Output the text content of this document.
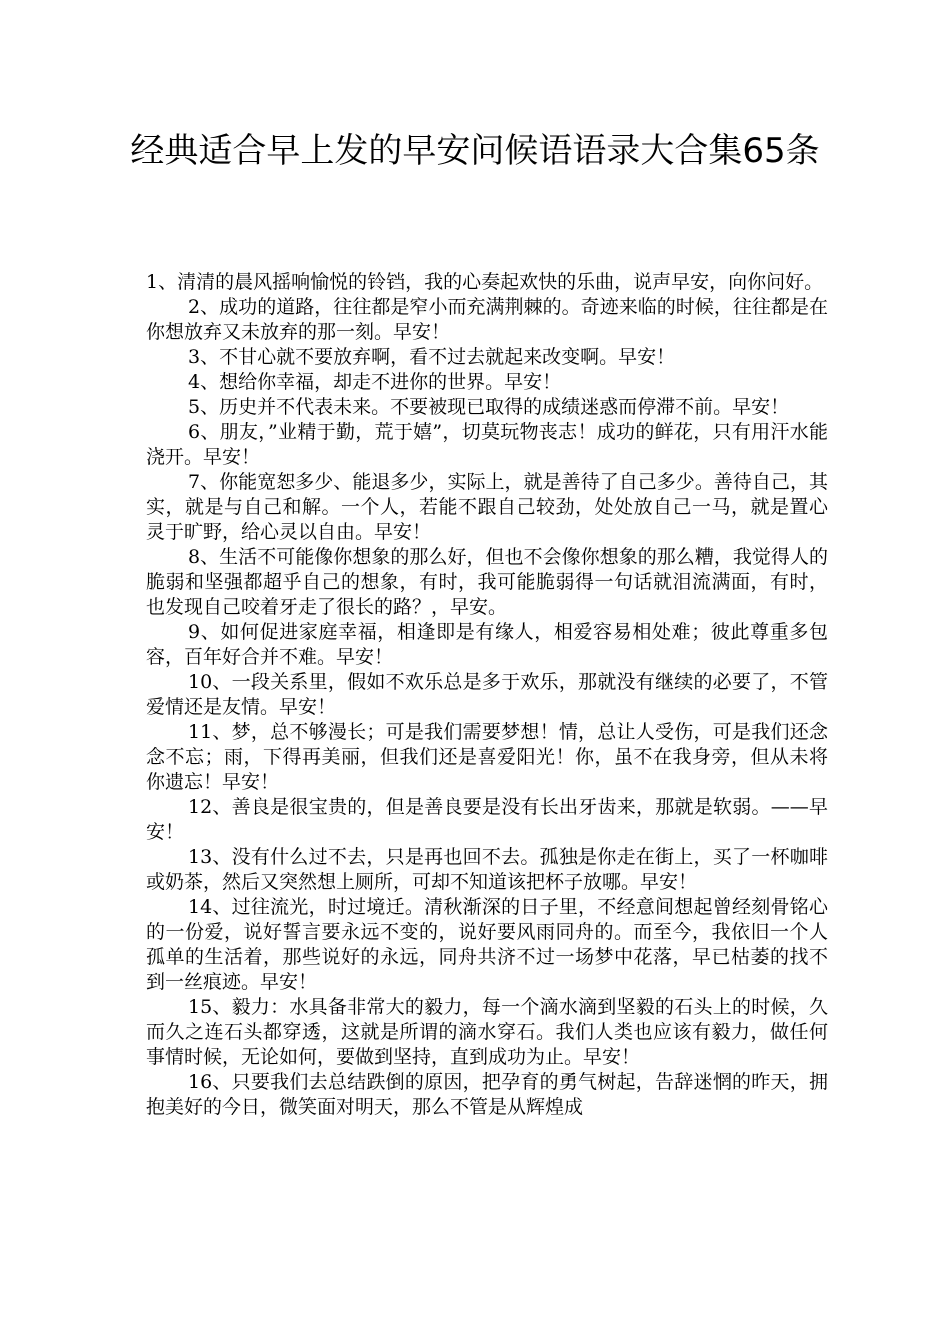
经典适合早上发的早安问候语语录大合集65条

1、清清的晨风摇响愉悦的铃铛，我的心奏起欢快的乐曲，说声早安，向你问好。

2、成功的道路，往往都是窄小而充满荆棘的。奇迹来临的时候，往往都是在你想放弃又未放弃的那一刻。早安！

3、不甘心就不要放弃啊，看不过去就起来改变啊。早安！

4、想给你幸福，却走不进你的世界。早安！

5、历史并不代表未来。不要被现已取得的成绩迷惑而停滞不前。早安！

6、朋友，”业精于勤，荒于嬉”，切莫玩物丧志！成功的鲜花，只有用汗水能浇开。早安！

7、你能宽恕多少、能退多少，实际上，就是善待了自己多少。善待自己，其实，就是与自己和解。一个人，若能不跟自己较劲，处处放自己一马，就是置心灵于旷野，给心灵以自由。早安！

8、生活不可能像你想象的那么好，但也不会像你想象的那么糟，我觉得人的脆弱和坚强都超乎自己的想象，有时，我可能脆弱得一句话就泪流满面，有时，也发现自己咬着牙走了很长的路？，早安。

9、如何促进家庭幸福，相逢即是有缘人，相爱容易相处难；彼此尊重多包容，百年好合并不难。早安！

10、一段关系里，假如不欢乐总是多于欢乐，那就没有继续的必要了，不管爱情还是友情。早安！

11、梦，总不够漫长；可是我们需要梦想！情，总让人受伤，可是我们还念念不忘；雨，下得再美丽，但我们还是喜爱阳光！你，虽不在我身旁，但从未将你遗忘！早安！

12、善良是很宝贵的，但是善良要是没有长出牙齿来，那就是软弱。——早安！

13、没有什么过不去，只是再也回不去。孤独是你走在街上，买了一杯咖啡或奶茶，然后又突然想上厕所，可却不知道该把杯子放哪。早安！

14、过往流光，时过境迁。清秋渐深的日子里，不经意间想起曾经刻骨铭心的一份爱，说好誓言要永远不变的，说好要风雨同舟的。而至今，我依旧一个人孤单的生活着，那些说好的永远，同舟共济不过一场梦中花落，早已枯萎的找不到一丝痕迹。早安！

15、毅力：水具备非常大的毅力，每一个滴水滴到坚毅的石头上的时候，久而久之连石头都穿透，这就是所谓的滴水穿石。我们人类也应该有毅力，做任何事情时候，无论如何，要做到坚持，直到成功为止。早安！

16、只要我们去总结跌倒的原因，把孕育的勇气树起，告辞迷惘的昨天，拥抱美好的今日，微笑面对明天，那么不管是从辉煌成
